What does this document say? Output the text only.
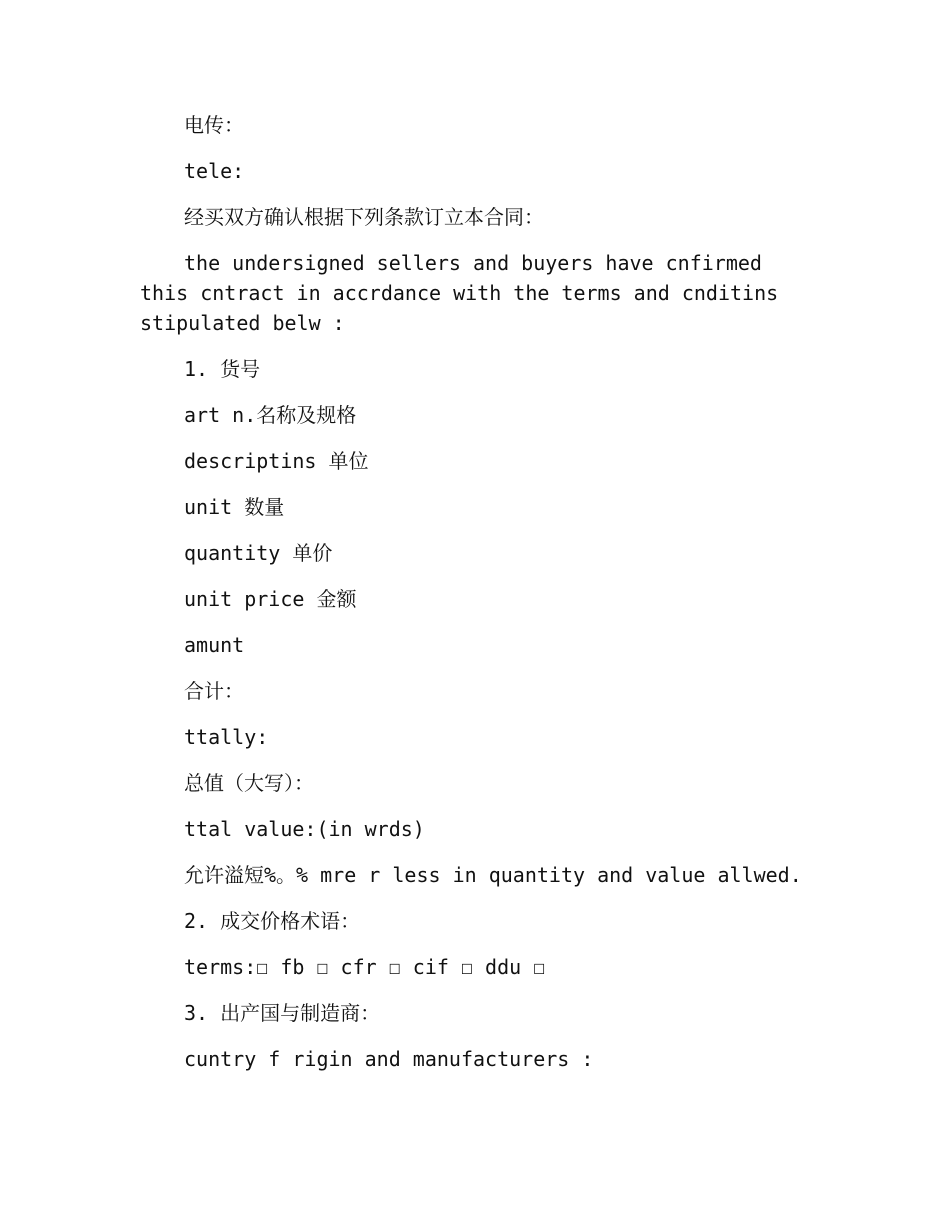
电传：

tele:

经买双方确认根据下列条款订立本合同：

the undersigned sellers and buyers have cnfirmed this cntract in accrdance with the terms and cnditins stipulated belw :

1. 货号

art n.名称及规格

descriptins 单位

unit 数量

quantity 单价

unit price 金额

amunt

合计：

ttally:

总值（大写）：

ttal value:(in wrds)

允许溢短%。% mre r less in quantity and value allwed.

2. 成交价格术语：

terms:☐ fb ☐ cfr ☐ cif ☐ ddu ☐

3. 出产国与制造商：

cuntry f rigin and manufacturers :
